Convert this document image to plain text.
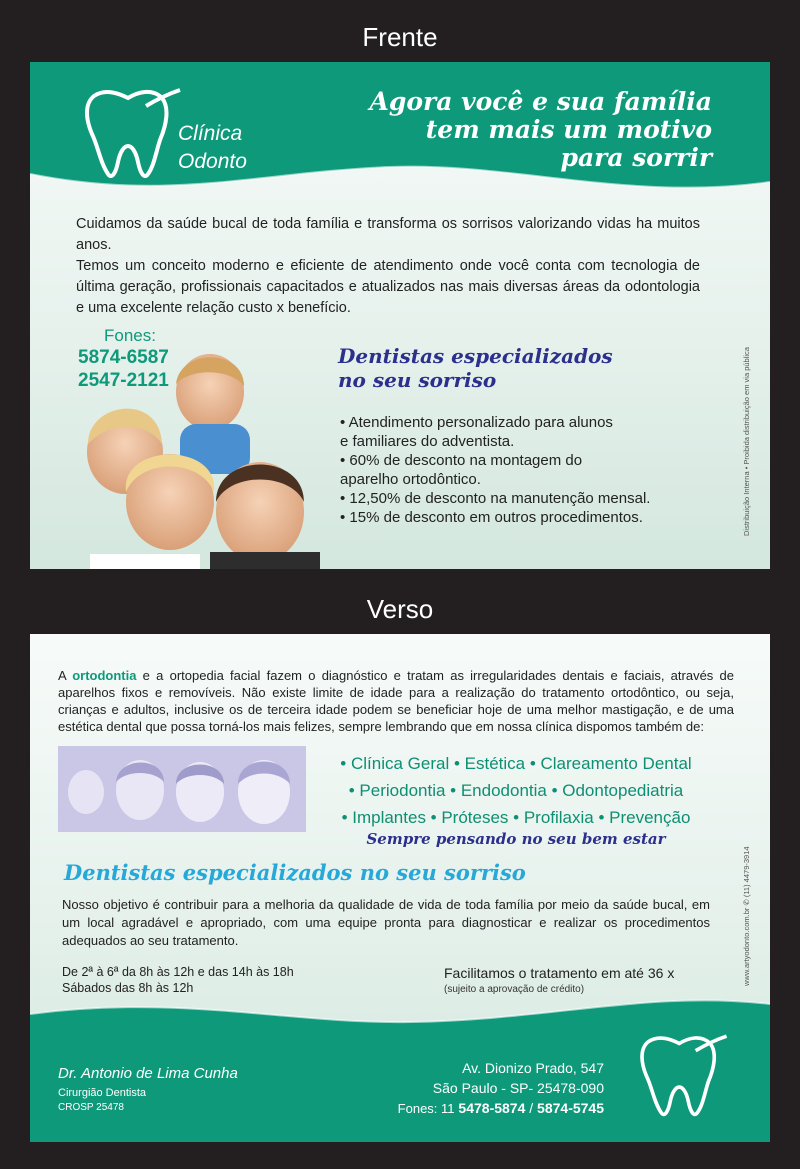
Frente
Clínica
Odonto
Agora você e sua família
tem mais um motivo
para sorrir

Cuidamos da saúde bucal de toda família e transforma os sorrisos valorizando vidas ha muitos anos.

Temos um conceito moderno e eficiente de atendimento onde você conta com tecnologia de última geração, profissionais capacitados e atualizados nas mais diversas áreas da odontologia e uma excelente relação custo x benefício.

Fones:
5874-6587
2547-2121
Dentistas especializados
no seu sorriso
• Atendimento personalizado para alunos
e familiares do adventista.
• 60% de desconto na montagem do
aparelho ortodôntico.
• 12,50% de desconto na manutenção mensal.
• 15% de desconto em outros procedimentos.	Distribuição Interna • Proibida distribuição em via pública
Verso
A ortodontia e a ortopedia facial fazem o diagnóstico e tratam as irregularidades dentais e faciais, através de aparelhos fixos e removíveis. Não existe limite de idade para a realização do tratamento ortodôntico, ou seja, crianças e adultos, inclusive os de terceira idade podem se beneficiar hoje de uma melhor mastigação, e de uma estética dental que possa torná-los mais felizes, sempre lembrando que em nossa clínica dispomos também de:
• Clínica Geral • Estética • Clareamento Dental
• Periodontia • Endodontia • Odontopediatria
• Implantes • Próteses • Profilaxia • Prevenção
Sempre pensando no seu bem estar
Dentistas especializados no seu sorriso
Nosso objetivo é contribuir para a melhoria da qualidade de vida de toda família por meio da saúde bucal, em um local agradável e apropriado, com uma equipe pronta para diagnosticar e realizar os procedimentos adequados ao seu tratamento.
De 2ª à 6ª da 8h às 12h e das 14h às 18h
Sábados das 8h às 12h
Facilitamos o tratamento em até 36 x
(sujeito a aprovação de crédito)
www.artyodonto.com.br ✆ (11) 4479-3914
Dr. Antonio de Lima Cunha
Cirurgião Dentista
CROSP 25478
Av. Dionizo Prado, 547
São Paulo - SP- 25478-090
Fones: 11 5478-5874 / 5874-5745
